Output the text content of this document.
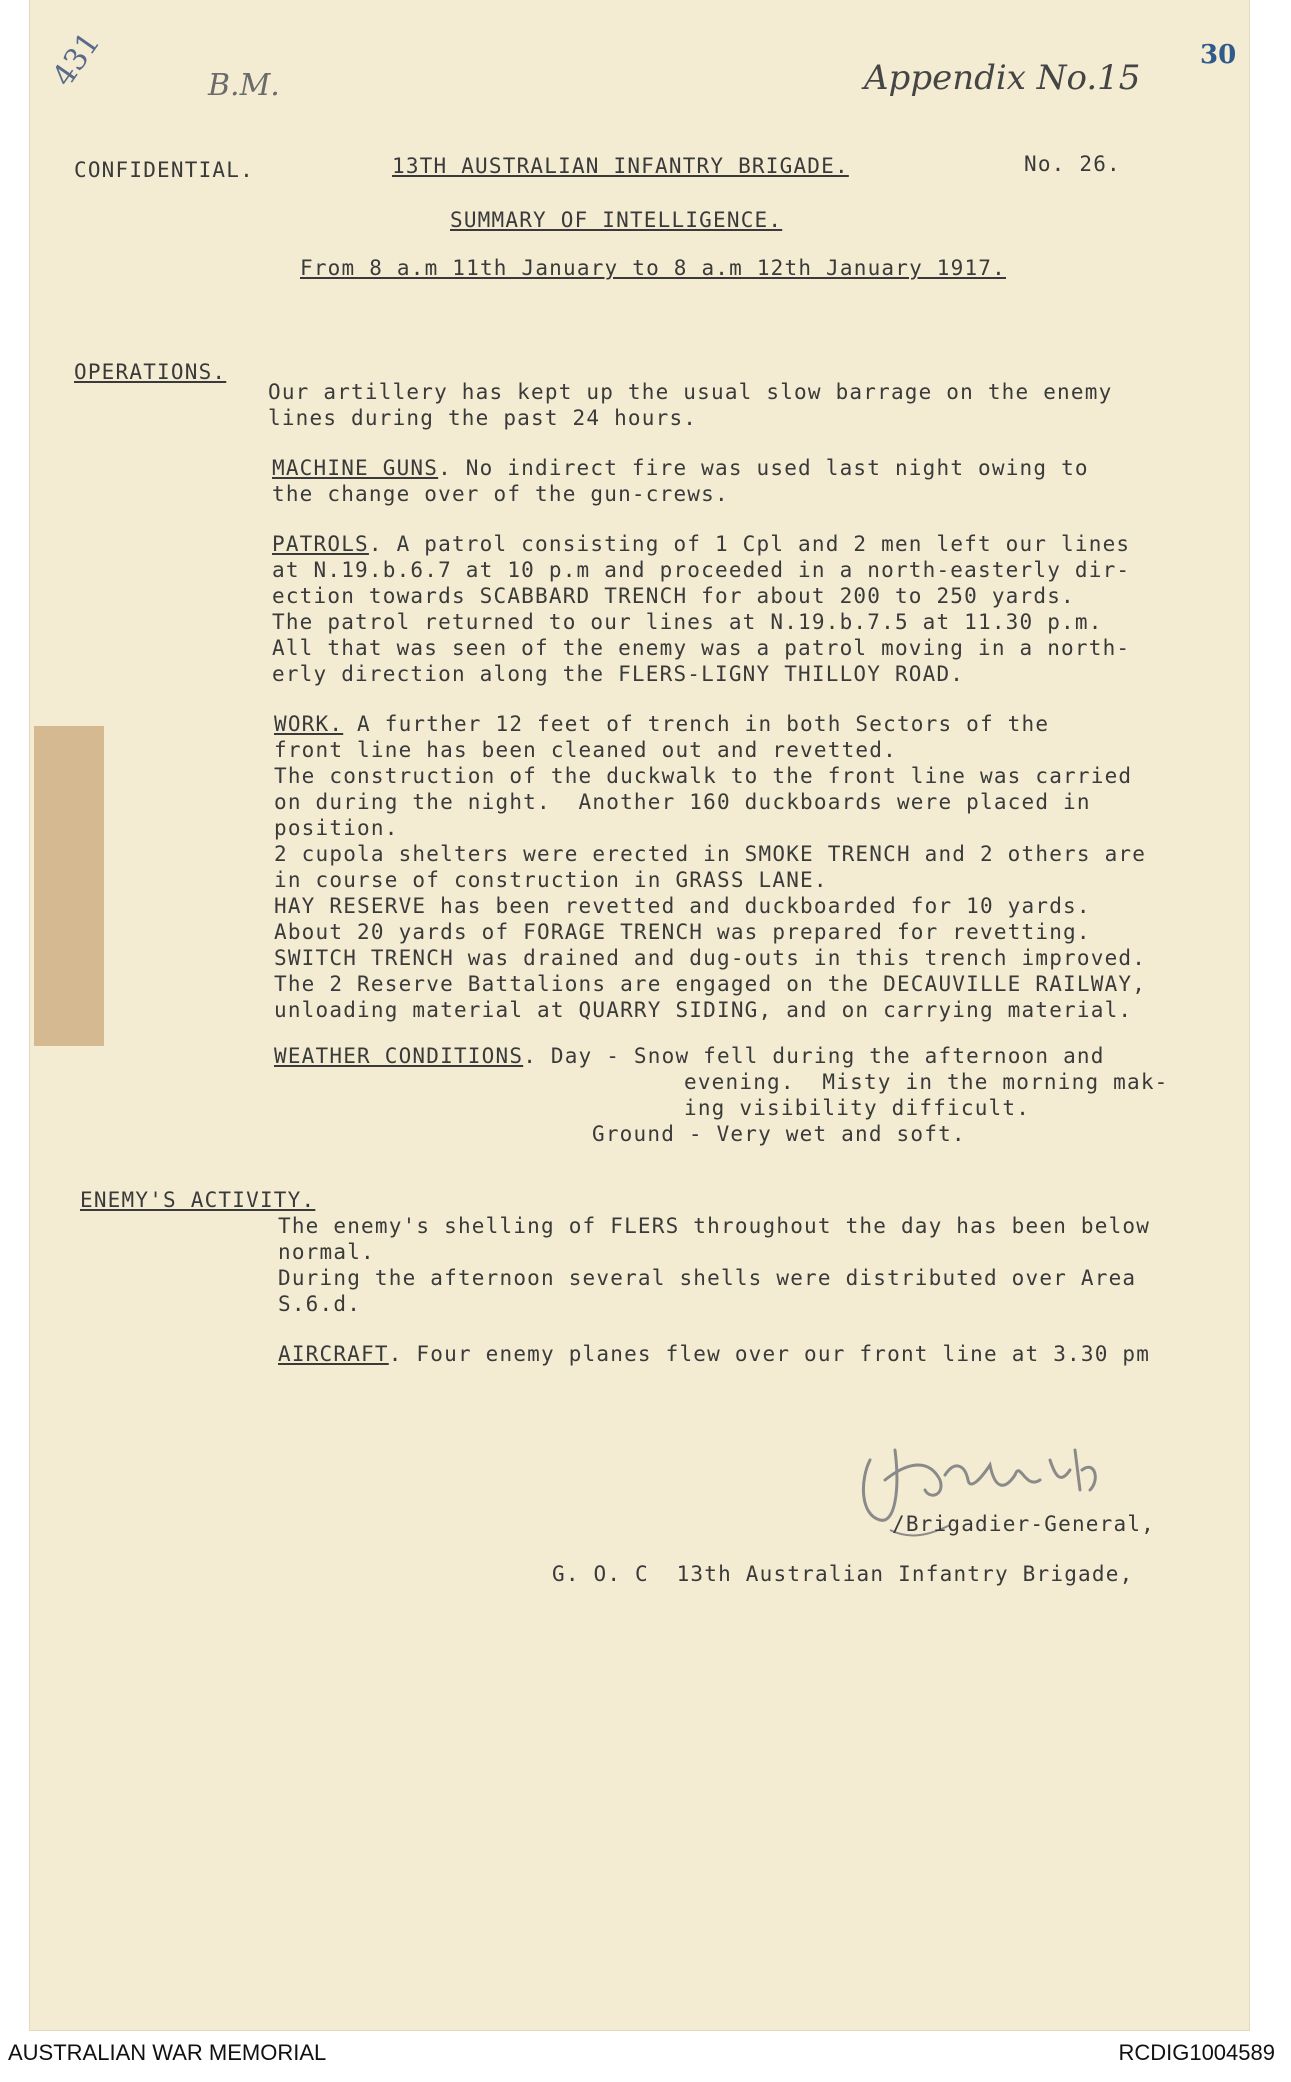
431	B.M.	Appendix No.15
30
CONFIDENTIAL.	13TH AUSTRALIAN INFANTRY BRIGADE.	No. 26.
SUMMARY OF INTELLIGENCE.
From 8 a.m 11th January to 8 a.m 12th January 1917.
OPERATIONS.
Our artillery has kept up the usual slow barrage on the enemy
lines during the past 24 hours.
MACHINE GUNS. No indirect fire was used last night owing to
the change over of the gun-crews.
PATROLS. A patrol consisting of 1 Cpl and 2 men left our lines
at N.19.b.6.7 at 10 p.m and proceeded in a north-easterly dir-
ection towards SCABBARD TRENCH for about 200 to 250 yards.
The patrol returned to our lines at N.19.b.7.5 at 11.30 p.m.
All that was seen of the enemy was a patrol moving in a north-
erly direction along the FLERS-LIGNY THILLOY ROAD.
WORK. A further 12 feet of trench in both Sectors of the
front line has been cleaned out and revetted.
The construction of the duckwalk to the front line was carried
on during the night.  Another 160 duckboards were placed in
position.
2 cupola shelters were erected in SMOKE TRENCH and 2 others are
in course of construction in GRASS LANE.
HAY RESERVE has been revetted and duckboarded for 10 yards.
About 20 yards of FORAGE TRENCH was prepared for revetting.
SWITCH TRENCH was drained and dug-outs in this trench improved.
The 2 Reserve Battalions are engaged on the DECAUVILLE RAILWAY,
unloading material at QUARRY SIDING, and on carrying material.
WEATHER CONDITIONS. Day - Snow fell during the afternoon and
evening.  Misty in the morning mak-
ing visibility difficult.
Ground - Very wet and soft.
ENEMY'S ACTIVITY.
The enemy's shelling of FLERS throughout the day has been below
normal.
During the afternoon several shells were distributed over Area
S.6.d.
AIRCRAFT. Four enemy planes flew over our front line at 3.30 pm
/Brigadier-General,
G. O. C  13th Australian Infantry Brigade,
AUSTRALIAN WAR MEMORIAL	RCDIG1004589
